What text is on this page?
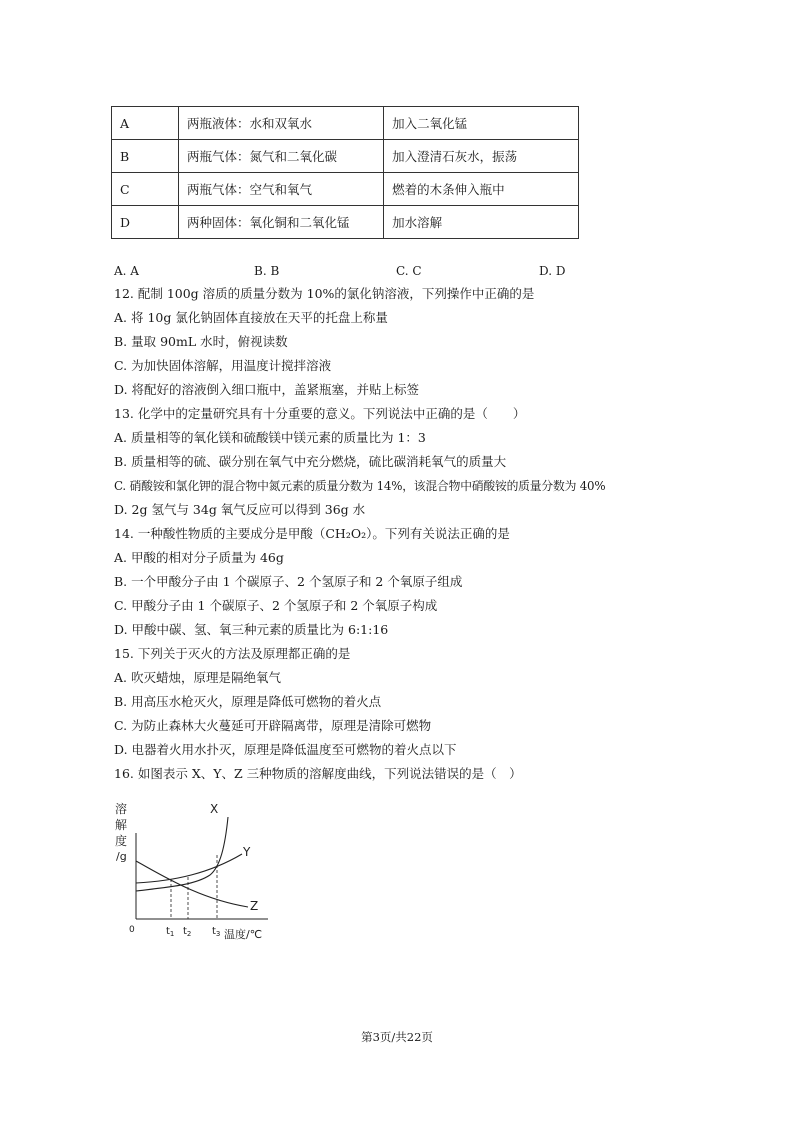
A	两瓶液体：水和双氧水	加入二氧化锰
B	两瓶气体：氮气和二氧化碳	加入澄清石灰水，振荡
C	两瓶气体：空气和氧气	燃着的木条伸入瓶中
D	两种固体：氧化铜和二氧化锰	加水溶解
A. A	B. B	C. C	D. D
12. 配制 100g 溶质的质量分数为 10%的氯化钠溶液，下列操作中正确的是
A. 将 10g 氯化钠固体直接放在天平的托盘上称量
B. 量取 90mL 水时，俯视读数
C. 为加快固体溶解，用温度计搅拌溶液
D. 将配好的溶液倒入细口瓶中，盖紧瓶塞，并贴上标签
13. 化学中的定量研究具有十分重要的意义。下列说法中正确的是（　　）
A. 质量相等的氧化镁和硫酸镁中镁元素的质量比为 1：3
B. 质量相等的硫、碳分别在氧气中充分燃烧，硫比碳消耗氧气的质量大
C. 硝酸铵和氯化钾的混合物中氮元素的质量分数为 14%，该混合物中硝酸铵的质量分数为 40%
D. 2g 氢气与 34g 氧气反应可以得到 36g 水
14. 一种酸性物质的主要成分是甲酸（CH₂O₂）。下列有关说法正确的是
A. 甲酸的相对分子质量为 46g
B. 一个甲酸分子由 1 个碳原子、2 个氢原子和 2 个氧原子组成
C. 甲酸分子由 1 个碳原子、2 个氢原子和 2 个氧原子构成
D. 甲酸中碳、氢、氧三种元素的质量比为 6:1:16
15. 下列关于灭火的方法及原理都正确的是
A. 吹灭蜡烛，原理是隔绝氧气
B. 用高压水枪灭火，原理是降低可燃物的着火点
C. 为防止森林大火蔓延可开辟隔离带，原理是清除可燃物
D. 电器着火用水扑灭，原理是降低温度至可燃物的着火点以下
16. 如图表示 X、Y、Z 三种物质的溶解度曲线，下列说法错误的是（　）
溶
解
度
/g
X
Y
Z
0	$t_1$ $t_2$ $t_3$ 温度/℃
第3页/共22页
